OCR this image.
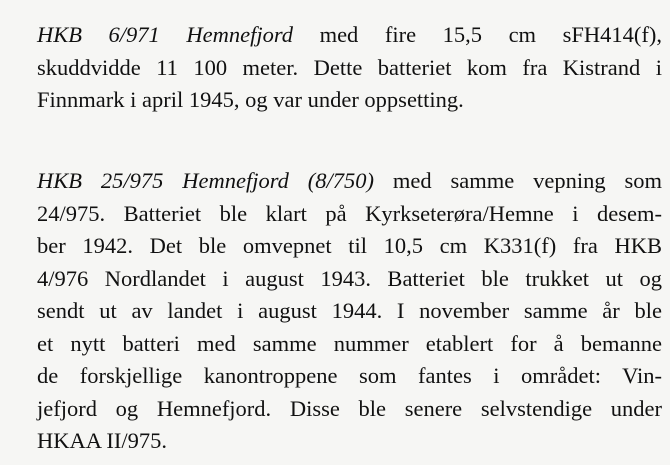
HKB 6/971 Hemnefjord med fire 15,5 cm sFH414(f),
skuddvidde 11 100 meter. Dette batteriet kom fra Kistrand i
Finnmark i april 1945, og var under oppsetting.
HKB 25/975 Hemnefjord (8/750) med samme vepning som
24/975. Batteriet ble klart på Kyrkseterøra/Hemne i desem-
ber 1942. Det ble omvepnet til 10,5 cm K331(f) fra HKB
4/976 Nordlandet i august 1943. Batteriet ble trukket ut og
sendt ut av landet i august 1944. I november samme år ble
et nytt batteri med samme nummer etablert for å bemanne
de forskjellige kanontroppene som fantes i området: Vin-
jefjord og Hemnefjord. Disse ble senere selvstendige under
HKAA II/975.
